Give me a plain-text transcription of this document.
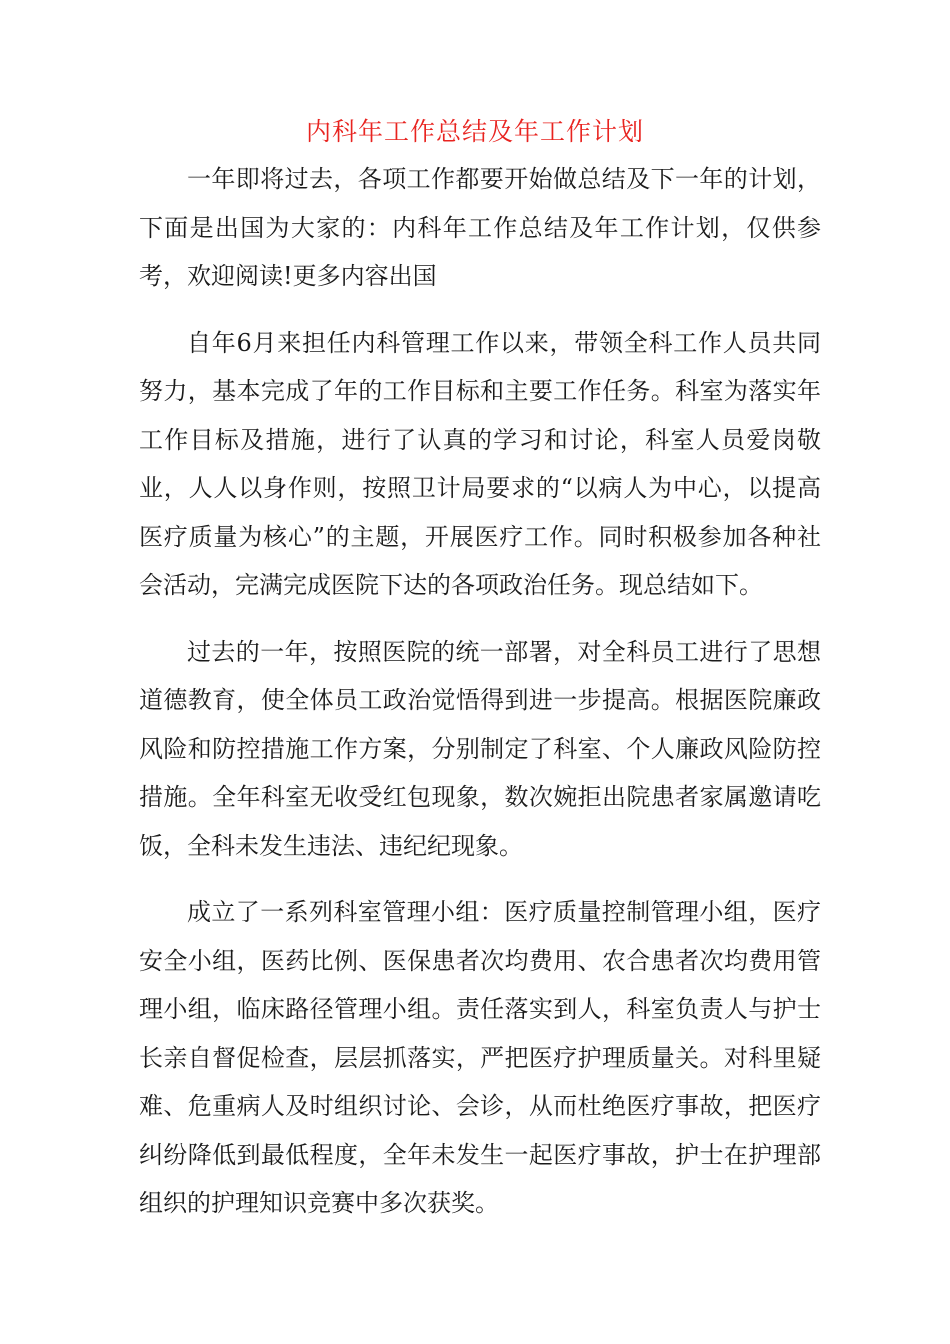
内科年工作总结及年工作计划

一年即将过去，各项工作都要开始做总结及下一年的计划，下面是出国为大家的：内科年工作总结及年工作计划，仅供参考，欢迎阅读!更多内容出国

自年6月来担任内科管理工作以来，带领全科工作人员共同努力，基本完成了年的工作目标和主要工作任务。科室为落实年工作目标及措施，进行了认真的学习和讨论，科室人员爱岗敬业，人人以身作则，按照卫计局要求的“以病人为中心，以提高医疗质量为核心”的主题，开展医疗工作。同时积极参加各种社会活动，完满完成医院下达的各项政治任务。现总结如下。

过去的一年，按照医院的统一部署，对全科员工进行了思想道德教育，使全体员工政治觉悟得到进一步提高。根据医院廉政风险和防控措施工作方案，分别制定了科室、个人廉政风险防控措施。全年科室无收受红包现象，数次婉拒出院患者家属邀请吃饭，全科未发生违法、违纪纪现象。

成立了一系列科室管理小组：医疗质量控制管理小组，医疗安全小组，医药比例、医保患者次均费用、农合患者次均费用管理小组，临床路径管理小组。责任落实到人，科室负责人与护士长亲自督促检查，层层抓落实，严把医疗护理质量关。对科里疑难、危重病人及时组织讨论、会诊，从而杜绝医疗事故，把医疗纠纷降低到最低程度，全年未发生一起医疗事故，护士在护理部组织的护理知识竞赛中多次获奖。
